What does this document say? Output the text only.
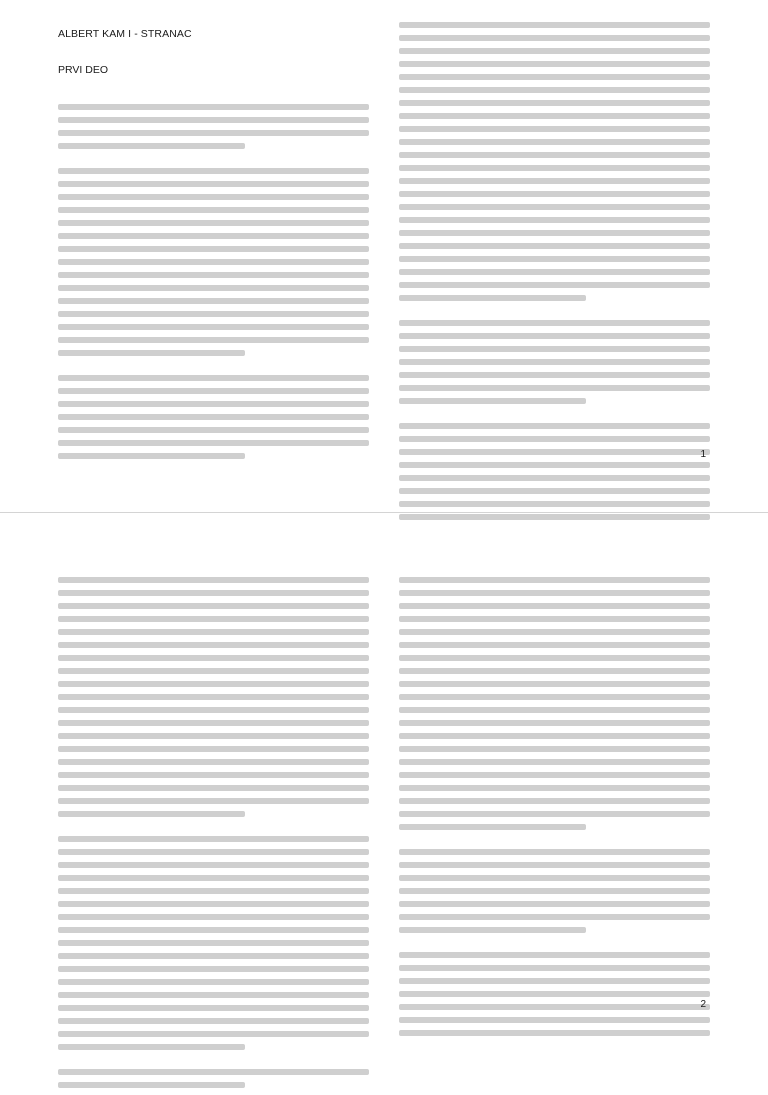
ALBERT KAM I - STRANAC
PRVI DEO
1
2
